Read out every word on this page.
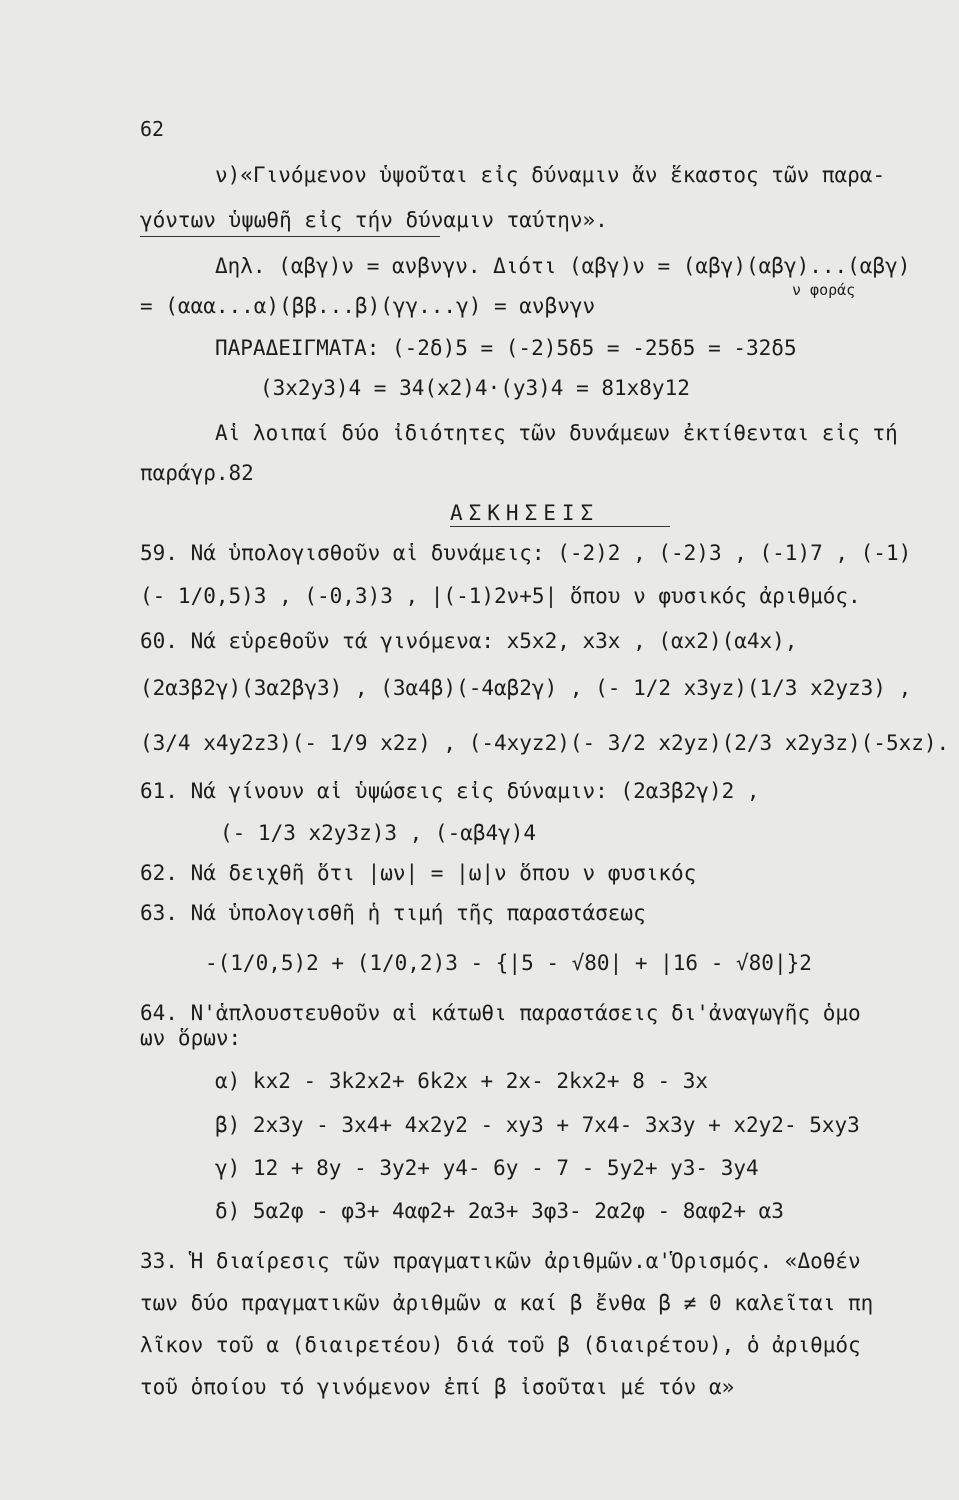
62
ν)«Γινόμενον ὑψοῦται εἰς δύναμιν ἄν ἕκαστος τῶν παρα-
γόντων ὑψωθῆ εἰς τήν δύναμιν ταύτην».
Δηλ. (αβγ)ν = ανβνγν. Διότι (αβγ)ν = (αβγ)(αβγ)...(αβγ)
ν φοράς
= (ααα...α)(ββ...β)(γγ...γ) = ανβνγν
ΠΑΡΑΔΕΙΓΜΑΤΑ: (-2δ)5 = (-2)5δ5 = -25δ5 = -32δ5
(3x2y3)4 = 34(x2)4·(y3)4 = 81x8y12
Αἱ λοιπαί δύο ἰδιότητες τῶν δυνάμεων ἐκτίθενται εἰς τή
παράγρ.82
ΑΣΚΗΣΕΙΣ
59. Νά ὑπολογισθοῦν αἱ δυνάμεις: (-2)2 , (-2)3 , (-1)7 , (-1)
(- 1/0,5)3 , (-0,3)3 , |(-1)2ν+5| ὅπου ν φυσικός ἀριθμός.
60. Νά εὑρεθοῦν τά γινόμενα: x5x2, x3x , (αx2)(α4x),
(2α3β2γ)(3α2βγ3) , (3α4β)(-4αβ2γ) , (- 1/2 x3yz)(1/3 x2yz3) ,
(3/4 x4y2z3)(- 1/9 x2z) , (-4xyz2)(- 3/2 x2yz)(2/3 x2y3z)(-5xz).
61. Νά γίνουν αἱ ὑψώσεις εἰς δύναμιν: (2α3β2γ)2 ,
(- 1/3 x2y3z)3 , (-αβ4γ)4
62. Νά δειχθῆ ὅτι |ων| = |ω|ν ὅπου ν φυσικός
63. Νά ὑπολογισθῆ ἡ τιμή τῆς παραστάσεως
-(1/0,5)2 + (1/0,2)3 - {|5 - √80| + |16 - √80|}2
64. Ν'ἁπλουστευθοῦν αἱ κάτωθι παραστάσεις δι'ἀναγωγῆς ὁμο
ων ὅρων:
α) kx2 - 3k2x2+ 6k2x + 2x- 2kx2+ 8 - 3x
β) 2x3y - 3x4+ 4x2y2 - xy3 + 7x4- 3x3y + x2y2- 5xy3
γ) 12 + 8y - 3y2+ y4- 6y - 7 - 5y2+ y3- 3y4
δ) 5α2φ - φ3+ 4αφ2+ 2α3+ 3φ3- 2α2φ - 8αφ2+ α3
33. Ἡ διαίρεσις τῶν πραγματικῶν ἀριθμῶν.α'Ὁρισμός. «Δοθέν
των δύο πραγματικῶν ἀριθμῶν α καί β ἔνθα β ≠ 0 καλεῖται πη
λῖκον τοῦ α (διαιρετέου) διά τοῦ β (διαιρέτου), ὁ ἀριθμός
τοῦ ὁποίου τό γινόμενον ἐπί β ἰσοῦται μέ τόν α»
